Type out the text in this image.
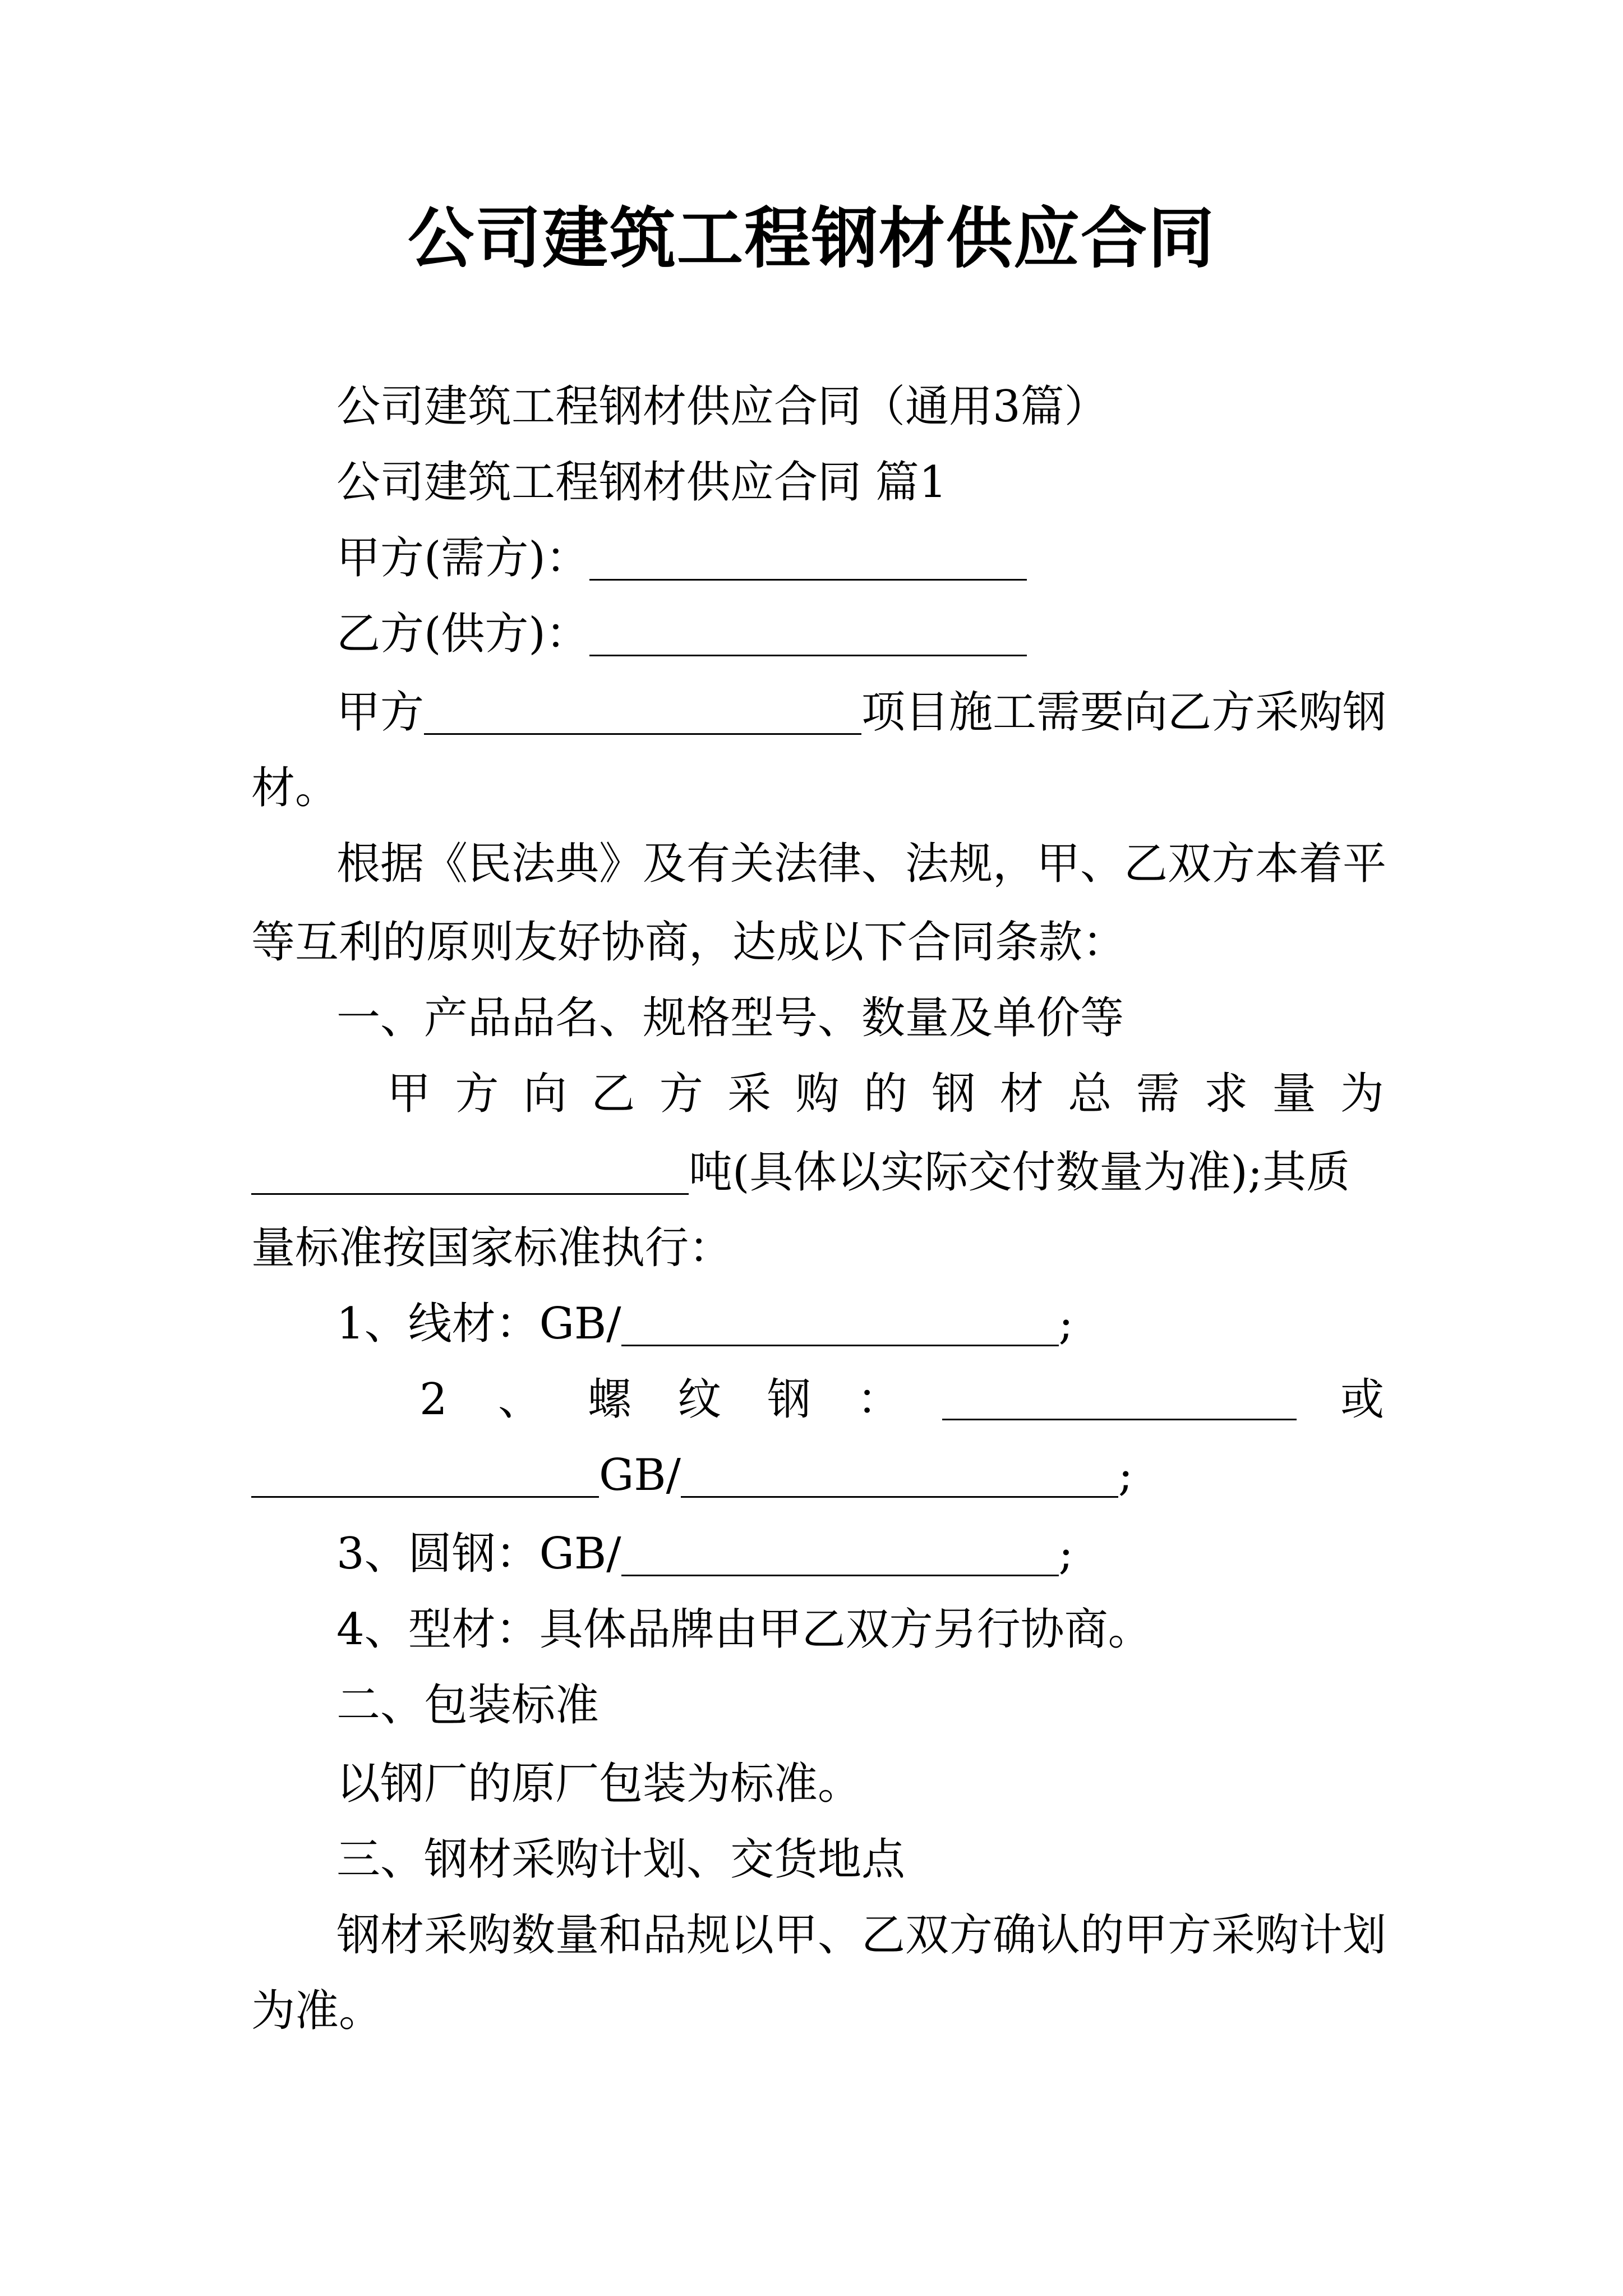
公司建筑工程钢材供应合同
公司建筑工程钢材供应合同（通用3篇）
公司建筑工程钢材供应合同 篇1
甲方(需方)：
乙方(供方)：
甲方	项目施工需要向乙方采购钢
材。
根据《民法典》及有关法律、法规，甲、乙双方本着平
等互利的原则友好协商，达成以下合同条款：
一、产品品名、规格型号、数量及单价等
甲 方 向 乙 方 采 购 的 钢 材 总 需 求 量 为
吨(具体以实际交付数量为准);其质
量标准按国家标准执行：
1、线材：GB/	;
2 、 螺 纹 钢 ：	或
GB/	;
3、圆钢：GB/	;
4、型材：具体品牌由甲乙双方另行协商。
二、包装标准
以钢厂的原厂包装为标准。
三、钢材采购计划、交货地点
钢材采购数量和品规以甲、乙双方确认的甲方采购计划
为准。
